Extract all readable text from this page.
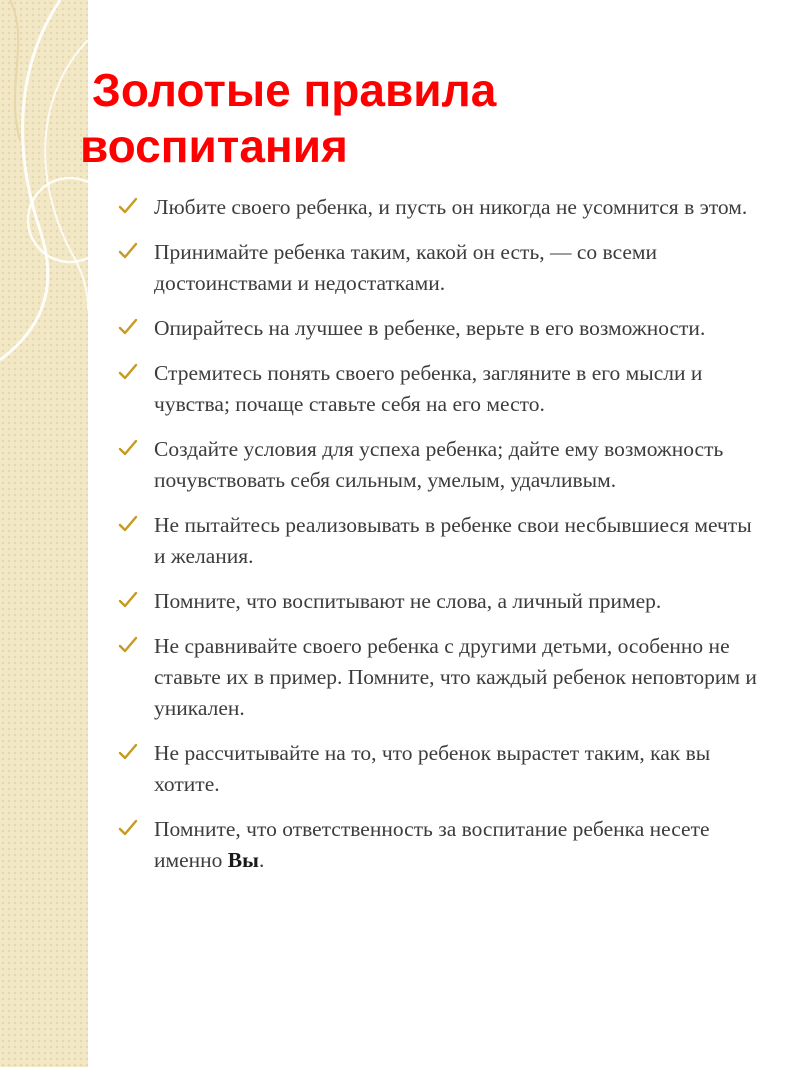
Золотые правила
воспитания
Любите своего ребенка, и пусть он никогда не усомнится в этом.
Принимайте ребенка таким, какой он есть, — со всеми достоинствами и недостатками.
Опирайтесь на лучшее в ребенке, верьте в его возможности.
Стремитесь понять своего ребенка, загляните в его мысли и чувства; почаще ставьте себя на его место.
Создайте условия для успеха ребенка; дайте ему возможность почувствовать себя сильным, умелым, удачливым.
Не пытайтесь реализовывать в ребенке свои несбывшиеся мечты и желания.
Помните, что воспитывают не слова, а личный пример.
Не сравнивайте своего ребенка с другими детьми, особенно не ставьте их в пример. Помните, что каждый ребенок неповторим и уникален.
Не рассчитывайте на то, что ребенок вырастет таким, как вы хотите.
Помните, что ответственность за воспитание ребенка несете именно Вы.
